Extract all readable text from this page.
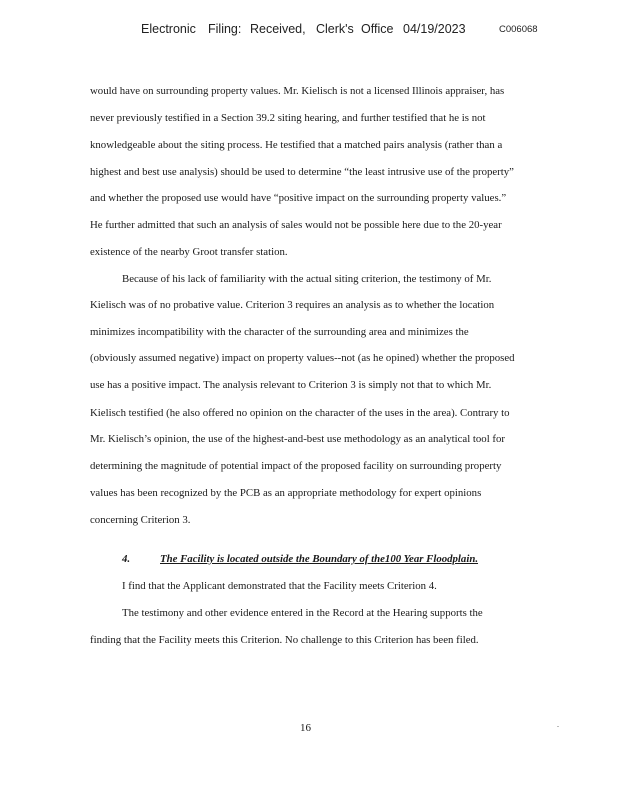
Electronic Filing: Received, Clerk's Office 04/19/2023	C006068
would have on surrounding property values. Mr. Kielisch is not a licensed Illinois appraiser, has
never previously testified in a Section 39.2 siting hearing, and further testified that he is not
knowledgeable about the siting process. He testified that a matched pairs analysis (rather than a
highest and best use analysis) should be used to determine “the least intrusive use of the property”
and whether the proposed use would have “positive impact on the surrounding property values.”
He further admitted that such an analysis of sales would not be possible here due to the 20-year
existence of the nearby Groot transfer station.
Because of his lack of familiarity with the actual siting criterion, the testimony of Mr.
Kielisch was of no probative value. Criterion 3 requires an analysis as to whether the location
minimizes incompatibility with the character of the surrounding area and minimizes the
(obviously assumed negative) impact on property values--not (as he opined) whether the proposed
use has a positive impact. The analysis relevant to Criterion 3 is simply not that to which Mr.
Kielisch testified (he also offered no opinion on the character of the uses in the area). Contrary to
Mr. Kielisch’s opinion, the use of the highest-and-best use methodology as an analytical tool for
determining the magnitude of potential impact of the proposed facility on surrounding property
values has been recognized by the PCB as an appropriate methodology for expert opinions
concerning Criterion 3.
4.	The Facility is located outside the Boundary of the100 Year Floodplain.
I find that the Applicant demonstrated that the Facility meets Criterion 4.
The testimony and other evidence entered in the Record at the Hearing supports the
finding that the Facility meets this Criterion. No challenge to this Criterion has been filed.
16
